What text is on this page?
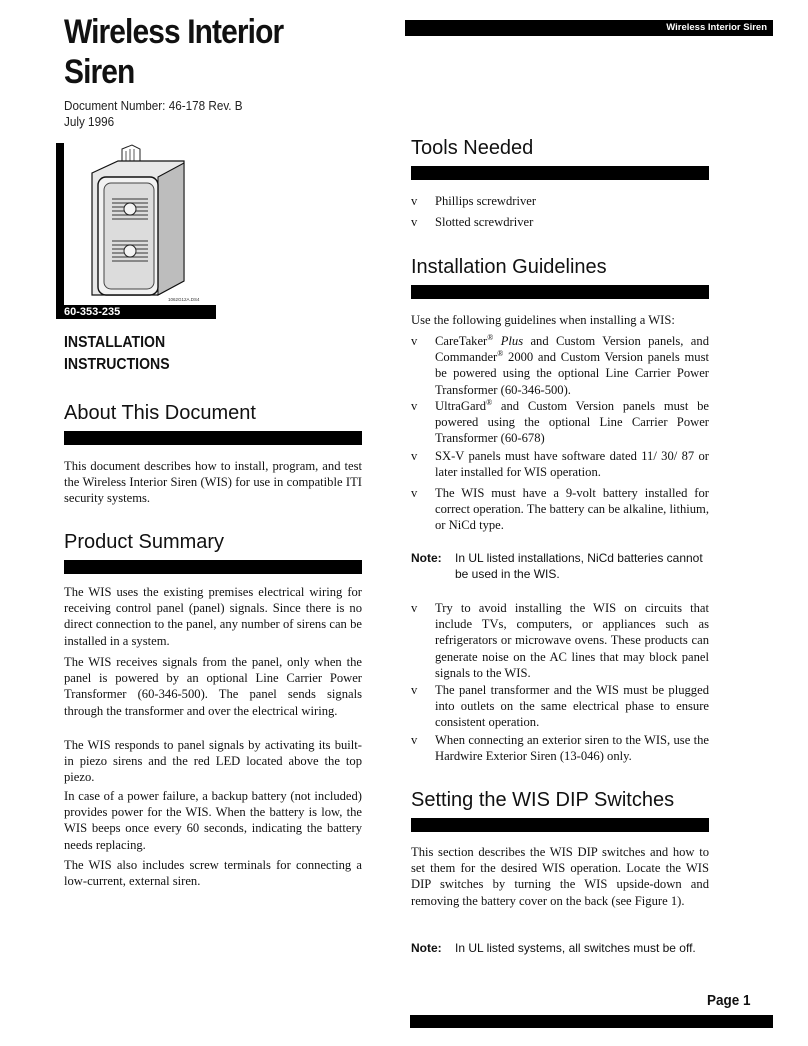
Wireless Interior Siren
Document Number: 46-178 Rev. B
July 1996
Wireless Interior Siren
1062G12A.DS4
60-353-235
INSTALLATION INSTRUCTIONS
About This Document

This document describes how to install, program, and test the Wireless Interior Siren (WIS) for use in compatible ITI security systems.

Product Summary

The WIS uses the existing premises electrical wiring for receiving control panel (panel) signals. Since there is no direct connection to the panel, any number of sirens can be installed in a system.

The WIS receives signals from the panel, only when the panel is powered by an optional Line Carrier Power Transformer (60-346-500). The panel sends signals through the transformer and over the electrical wiring.

The WIS responds to panel signals by activating its built-in piezo sirens and the red LED located above the top piezo.

In case of a power failure, a backup battery (not included) provides power for the WIS. When the battery is low, the WIS beeps once every 60 seconds, indicating the battery needs replacing.

The WIS also includes screw terminals for connecting a low-current, external siren.

Tools Needed
v Phillips screwdriver
v Slotted screwdriver
Installation Guidelines

Use the following guidelines when installing a WIS:

v CareTaker® Plus and Custom Version panels, and Commander® 2000 and Custom Version panels must be powered using the optional Line Carrier Power Transformer (60-346-500).
v UltraGard® and Custom Version panels must be powered using the optional Line Carrier Power Transformer (60-678)
v SX-V panels must have software dated 11/ 30/ 87 or later installed for WIS operation.
v The WIS must have a 9-volt battery installed for correct operation. The battery can be alkaline, lithium, or NiCd type.
Note: In UL listed installations, NiCd batteries cannot be used in the WIS.
v Try to avoid installing the WIS on circuits that include TVs, computers, or appliances such as refrigerators or microwave ovens. These products can generate noise on the AC lines that may block panel signals to the WIS.
v The panel transformer and the WIS must be plugged into outlets on the same electrical phase to ensure consistent operation.
v When connecting an exterior siren to the WIS, use the Hardwire Exterior Siren (13-046) only.
Setting the WIS DIP Switches

This section describes the WIS DIP switches and how to set them for the desired WIS operation. Locate the WIS DIP switches by turning the WIS upside-down and removing the battery cover on the back (see Figure 1).

Note: In UL listed systems, all switches must be off.
Page 1
